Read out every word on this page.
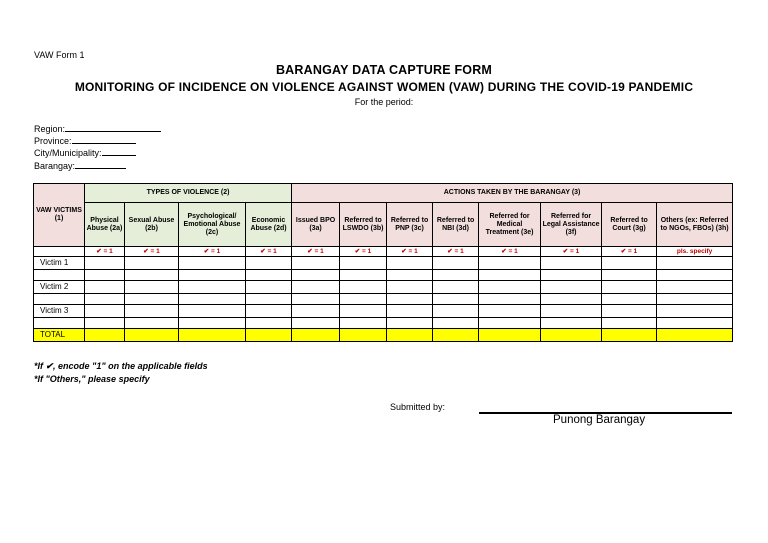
VAW Form 1
BARANGAY DATA CAPTURE FORM
MONITORING OF INCIDENCE ON VIOLENCE AGAINST WOMEN (VAW) DURING THE COVID-19 PANDEMIC
For the period:
Region:
Province:
City/Municipality:
Barangay:
VAW VICTIMS (1)	TYPES OF VIOLENCE (2)				ACTIONS TAKEN BY THE BARANGAY (3)							
	Physical Abuse (2a)	Sexual Abuse (2b)	Psychological/ Emotional Abuse (2c)	Economic Abuse (2d)	Issued BPO (3a)	Referred to LSWDO (3b)	Referred to PNP (3c)	Referred to NBI (3d)	Referred for Medical Treatment (3e)	Referred for Legal Assistance (3f)	Referred to Court (3g)	Others (ex: Referred to NGOs, FBOs) (3h)
	✔ = 1	✔ = 1	✔ = 1	✔ = 1	✔ = 1	✔ = 1	✔ = 1	✔ = 1	✔ = 1	✔ = 1	✔ = 1	pls. specify
Victim 1												

Victim 2												

Victim 3												

TOTAL												
*If ✔, encode "1" on the applicable fields
*If "Others," please specify
Submitted by:
Punong Barangay
